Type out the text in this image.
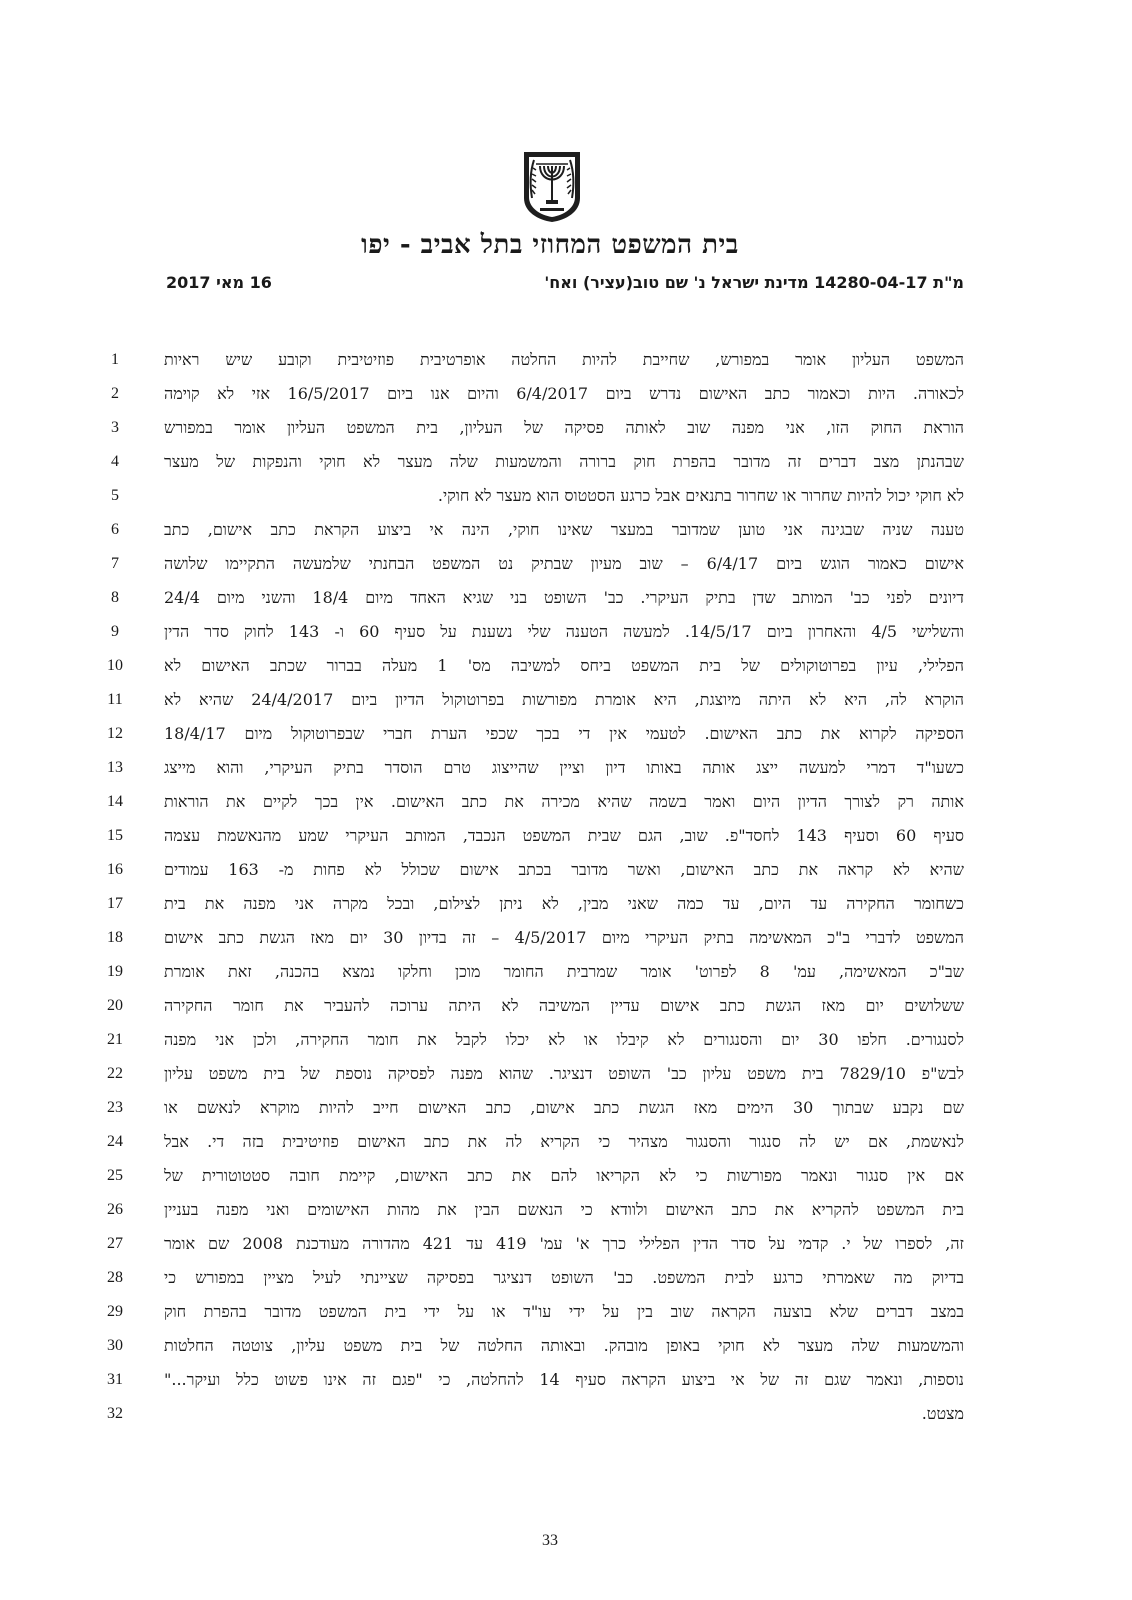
בית המשפט המחוזי בתל אביב - יפו
מ"ת 14280-04-17 מדינת ישראל נ' שם טוב(עציר) ואח'
16 מאי 2017
המשפט העליון אומר במפורש, שחייבת להיות החלטה אופרטיבית פוזיטיבית וקובע שיש ראיות
לכאורה. היות וכאמור כתב האישום נדרש ביום 6/4/2017 והיום אנו ביום 16/5/2017 אזי לא קוימה
הוראת החוק הזו, אני מפנה שוב לאותה פסיקה של העליון, בית המשפט העליון אומר במפורש
שבהנתן מצב דברים זה מדובר בהפרת חוק ברורה והמשמעות שלה מעצר לא חוקי והנפקות של מעצר
לא חוקי יכול להיות שחרור או שחרור בתנאים אבל כרגע הסטטוס הוא מעצר לא חוקי.
טענה שניה שבגינה אני טוען שמדובר במעצר שאינו חוקי, הינה אי ביצוע הקראת כתב אישום, כתב
אישום כאמור הוגש ביום 6/4/17 – שוב מעיון שבתיק נט המשפט הבחנתי שלמעשה התקיימו שלושה
דיונים לפני כב' המותב שדן בתיק העיקרי. כב' השופט בני שגיא האחד מיום 18/4 והשני מיום 24/4
והשלישי 4/5 והאחרון ביום 14/5/17. למעשה הטענה שלי נשענת על סעיף 60 ו- 143 לחוק סדר הדין
הפלילי, עיון בפרוטוקולים של בית המשפט ביחס למשיבה מס' 1 מעלה בברור שכתב האישום לא
הוקרא לה, היא לא היתה מיוצגת, היא אומרת מפורשות בפרוטוקול הדיון ביום 24/4/2017 שהיא לא
הספיקה לקרוא את כתב האישום. לטעמי אין די בכך שכפי הערת חברי שבפרוטוקול מיום 18/4/17
כשעו"ד דמרי למעשה ייצג אותה באותו דיון וציין שהייצוג טרם הוסדר בתיק העיקרי, והוא מייצג
אותה רק לצורך הדיון היום ואמר בשמה שהיא מכירה את כתב האישום. אין בכך לקיים את הוראות
סעיף 60 וסעיף 143 לחסד"פ. שוב, הגם שבית המשפט הנכבד, המותב העיקרי שמע מהנאשמת עצמה
שהיא לא קראה את כתב האישום, ואשר מדובר בכתב אישום שכולל לא פחות מ- 163 עמודים
כשחומר החקירה עד היום, עד כמה שאני מבין, לא ניתן לצילום, ובכל מקרה אני מפנה את בית
המשפט לדברי ב"כ המאשימה בתיק העיקרי מיום 4/5/2017 – זה בדיון 30 יום מאז הגשת כתב אישום
שב"כ המאשימה, עמ' 8 לפרוט' אומר שמרבית החומר מוכן וחלקו נמצא בהכנה, זאת אומרת
ששלושים יום מאז הגשת כתב אישום עדיין המשיבה לא היתה ערוכה להעביר את חומר החקירה
לסנגורים. חלפו 30 יום והסנגורים לא קיבלו או לא יכלו לקבל את חומר החקירה, ולכן אני מפנה
לבש"פ 7829/10 בית משפט עליון כב' השופט דנציגר. שהוא מפנה לפסיקה נוספת של בית משפט עליון
שם נקבע שבתוך 30 הימים מאז הגשת כתב אישום, כתב האישום חייב להיות מוקרא לנאשם או
לנאשמת, אם יש לה סנגור והסנגור מצהיר כי הקריא לה את כתב האישום פוזיטיבית בזה די. אבל
אם אין סנגור ונאמר מפורשות כי לא הקריאו להם את כתב האישום, קיימת חובה סטטוטורית של
בית המשפט להקריא את כתב האישום ולוודא כי הנאשם הבין את מהות האישומים ואני מפנה בעניין
זה, לספרו של י. קדמי על סדר הדין הפלילי כרך א' עמ' 419 עד 421 מהדורה מעודכנת 2008 שם אומר
בדיוק מה שאמרתי כרגע לבית המשפט. כב' השופט דנציגר בפסיקה שציינתי לעיל מציין במפורש כי
במצב דברים שלא בוצעה הקראה שוב בין על ידי עו"ד או על ידי בית המשפט מדובר בהפרת חוק
והמשמעות שלה מעצר לא חוקי באופן מובהק. ובאותה החלטה של בית משפט עליון, צוטטה החלטות
נוספות, ונאמר שגם זה של אי ביצוע הקראה סעיף 14 להחלטה, כי "פגם זה אינו פשוט כלל ועיקר..."
מצטט.
1
2
3
4
5
6
7
8
9
10
11
12
13
14
15
16
17
18
19
20
21
22
23
24
25
26
27
28
29
30
31
32
33
